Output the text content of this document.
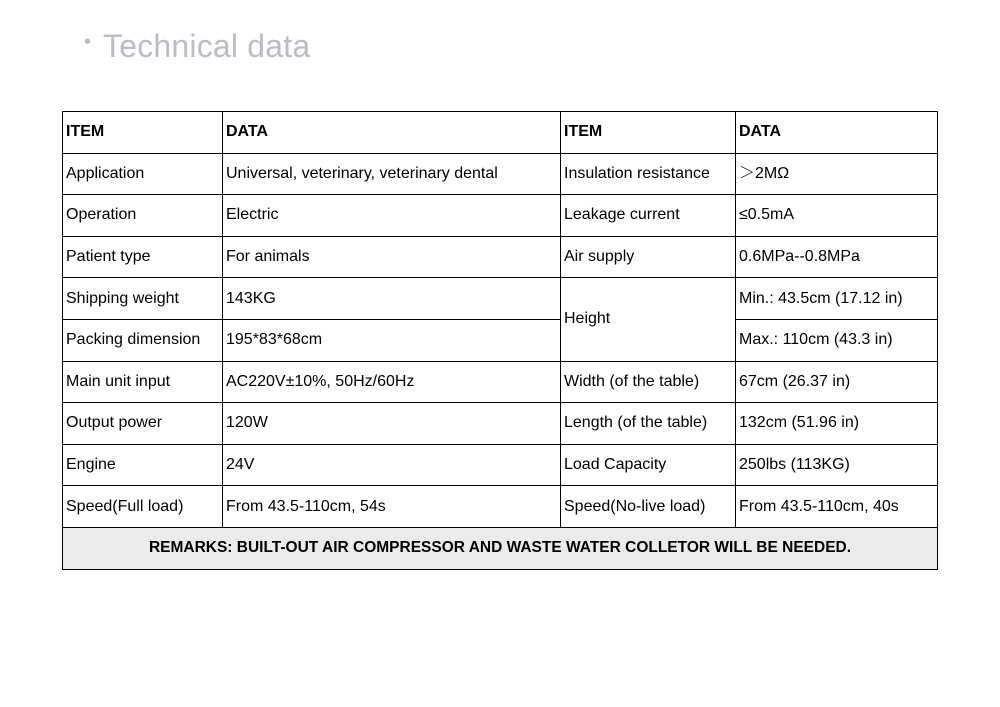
• Technical data
ITEM	DATA	ITEM	DATA
Application	Universal, veterinary, veterinary dental	Insulation resistance	＞2MΩ
Operation	Electric	Leakage current	≤0.5mA
Patient type	For animals	Air supply	0.6MPa--0.8MPa
Shipping weight	143KG	Height	Min.: 43.5cm (17.12 in)
Packing dimension	195*83*68cm		Max.: 110cm (43.3 in)
Main unit input	AC220V±10%, 50Hz/60Hz	Width (of the table)	67cm (26.37 in)
Output power	120W	Length (of the table)	132cm (51.96 in)
Engine	24V	Load Capacity	250lbs (113KG)
Speed(Full load)	From 43.5-110cm, 54s	Speed(No-live load)	From 43.5-110cm, 40s
REMARKS: BUILT-OUT AIR COMPRESSOR AND WASTE WATER COLLETOR WILL BE NEEDED.			
